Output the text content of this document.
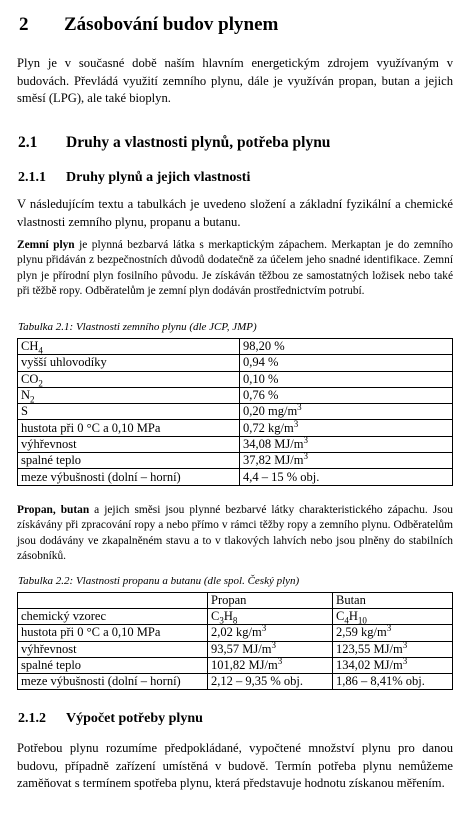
2 Zásobování budov plynem
Plyn je v současné době naším hlavním energetickým zdrojem využívaným v budovách. Převládá využití zemního plynu, dále je využíván propan, butan a jejich směsí (LPG), ale také bioplyn.
2.1 Druhy a vlastnosti plynů, potřeba plynu
2.1.1 Druhy plynů a jejich vlastnosti
V následujícím textu a tabulkách je uvedeno složení a základní fyzikální a chemické vlastnosti zemního plynu, propanu a butanu.
Zemní plyn je plynná bezbarvá látka s merkaptickým zápachem. Merkaptan je do zemního plynu přidáván z bezpečnostních důvodů dodatečně za účelem jeho snadné identifikace. Zemní plyn je přírodní plyn fosilního původu. Je získáván těžbou ze samostatných ložisek nebo také při těžbě ropy. Odběratelům je zemní plyn dodáván prostřednictvím potrubí.
Tabulka 2.1: Vlastnosti zemního plynu (dle JCP, JMP)
$CH_4$	98,20 %
vyšší uhlovodíky	0,94 %
$CO_2$	0,10 %
$N_2$	0,76 %
S	0,20 $mg/m^3$
hustota při 0 °C a 0,10 MPa	0,72 $kg/m^3$
výhřevnost	34,08 $MJ/m^3$
spalné teplo	37,82 $MJ/m^3$
meze výbušnosti (dolní – horní)	4,4 – 15 % obj.
Propan, butan a jejich směsi jsou plynné bezbarvé látky charakteristického zápachu. Jsou získávány při zpracování ropy a nebo přímo v rámci těžby ropy a zemního plynu. Odběratelům jsou dodávány ve zkapalněném stavu a to v tlakových lahvích nebo jsou plněny do stabilních zásobníků.
Tabulka 2.2: Vlastnosti propanu a butanu (dle spol. Český plyn)
	Propan	Butan
chemický vzorec	$C_3H_8$	$C_4H_{10}$
hustota při 0 °C a 0,10 MPa	2,02 $kg/m^3$	2,59 $kg/m^3$
výhřevnost	93,57 $MJ/m^3$	123,55 $MJ/m^3$
spalné teplo	101,82 $MJ/m^3$	134,02 $MJ/m^3$
meze výbušnosti (dolní – horní)	2,12 – 9,35 % obj.	1,86 – 8,41% obj.
2.1.2 Výpočet potřeby plynu
Potřebou plynu rozumíme předpokládané, vypočtené množství plynu pro danou budovu, případně zařízení umístěná v budově. Termín potřeba plynu nemůžeme zaměňovat s termínem spotřeba plynu, která představuje hodnotu získanou měřením.
